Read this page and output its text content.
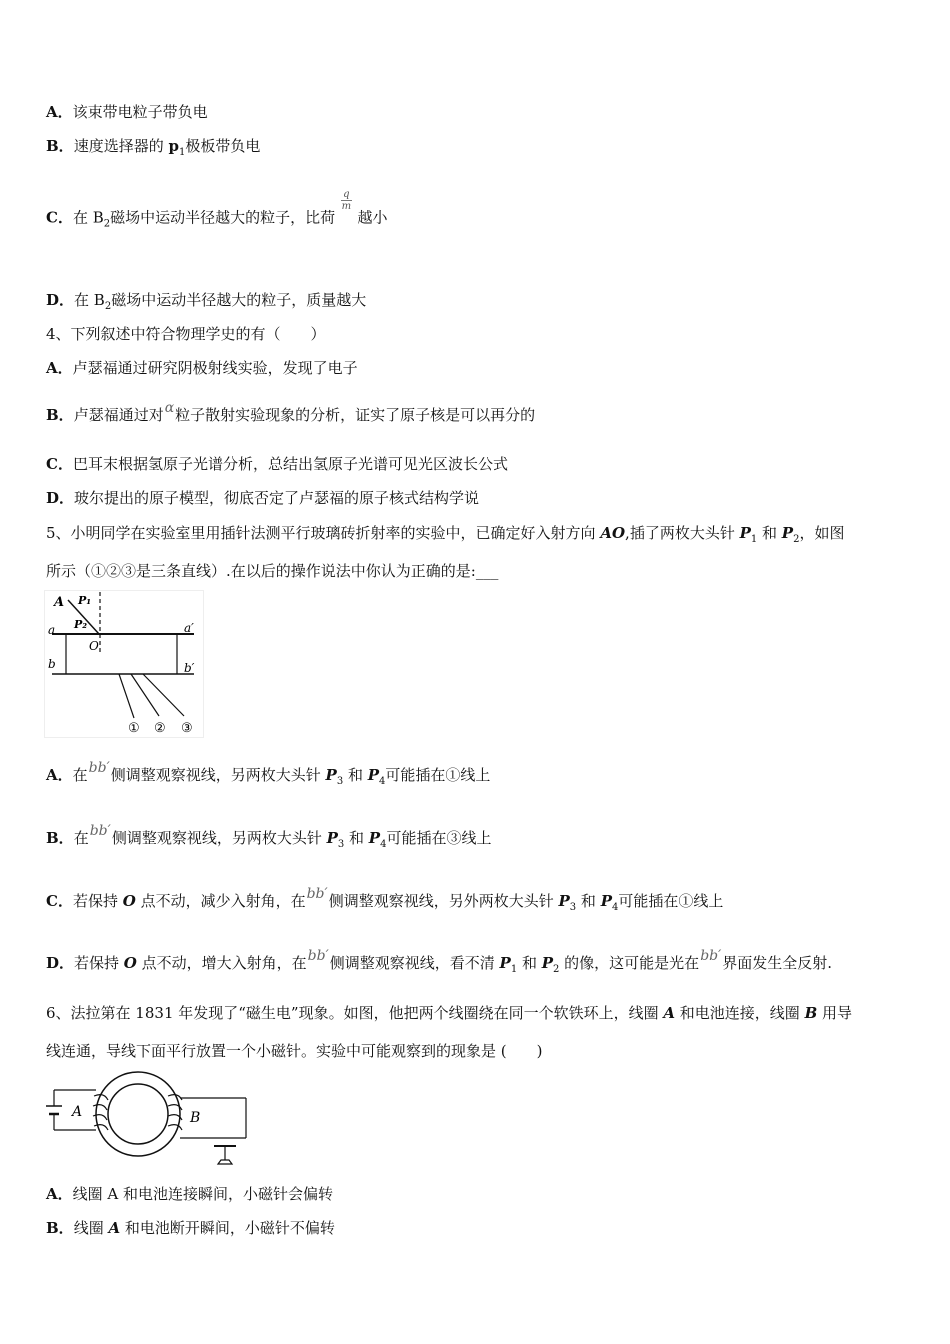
A．该束带电粒子带负电
B．速度选择器的 $p_1$极板带负电
C．在 $B_2$磁场中运动半径越大的粒子，比荷
$\frac{q}{m}$
越小
D．在 $B_2$磁场中运动半径越大的粒子，质量越大
4、下列叙述中符合物理学史的有（　　）
A．卢瑟福通过研究阴极射线实验，发现了电子
B．卢瑟福通过对α粒子散射实验现象的分析，证实了原子核是可以再分的
C．巴耳末根据氢原子光谱分析，总结出氢原子光谱可见光区波长公式
D．玻尔提出的原子模型，彻底否定了卢瑟福的原子核式结构学说
5、小明同学在实验室里用插针法测平行玻璃砖折射率的实验中，已确定好入射方向 AO,插了两枚大头针 $P_1$ 和 $P_2$，如图
所示（①②③是三条直线）.在以后的操作说法中你认为正确的是:___
A P₁
P₂
a	a′
O
b	b′
① ② ③
A．在bb′侧调整观察视线，另两枚大头针 $P_3$ 和 $P_4$可能插在①线上
B．在bb′侧调整观察视线，另两枚大头针 $P_3$ 和 $P_4$可能插在③线上
C．若保持 O 点不动，减少入射角，在bb′侧调整观察视线，另外两枚大头针 $P_3$ 和 $P_4$可能插在①线上
D．若保持 O 点不动，增大入射角，在bb′侧调整观察视线，看不清 $P_1$ 和 $P_2$ 的像，这可能是光在bb′界面发生全反射.
6、法拉第在 1831 年发现了“磁生电”现象。如图，他把两个线圈绕在同一个软铁环上，线圈 A 和电池连接，线圈 B 用导
线连通，导线下面平行放置一个小磁针。实验中可能观察到的现象是 (　　)
A	B
A．线圈 A 和电池连接瞬间，小磁针会偏转
B．线圈 A 和电池断开瞬间，小磁针不偏转
